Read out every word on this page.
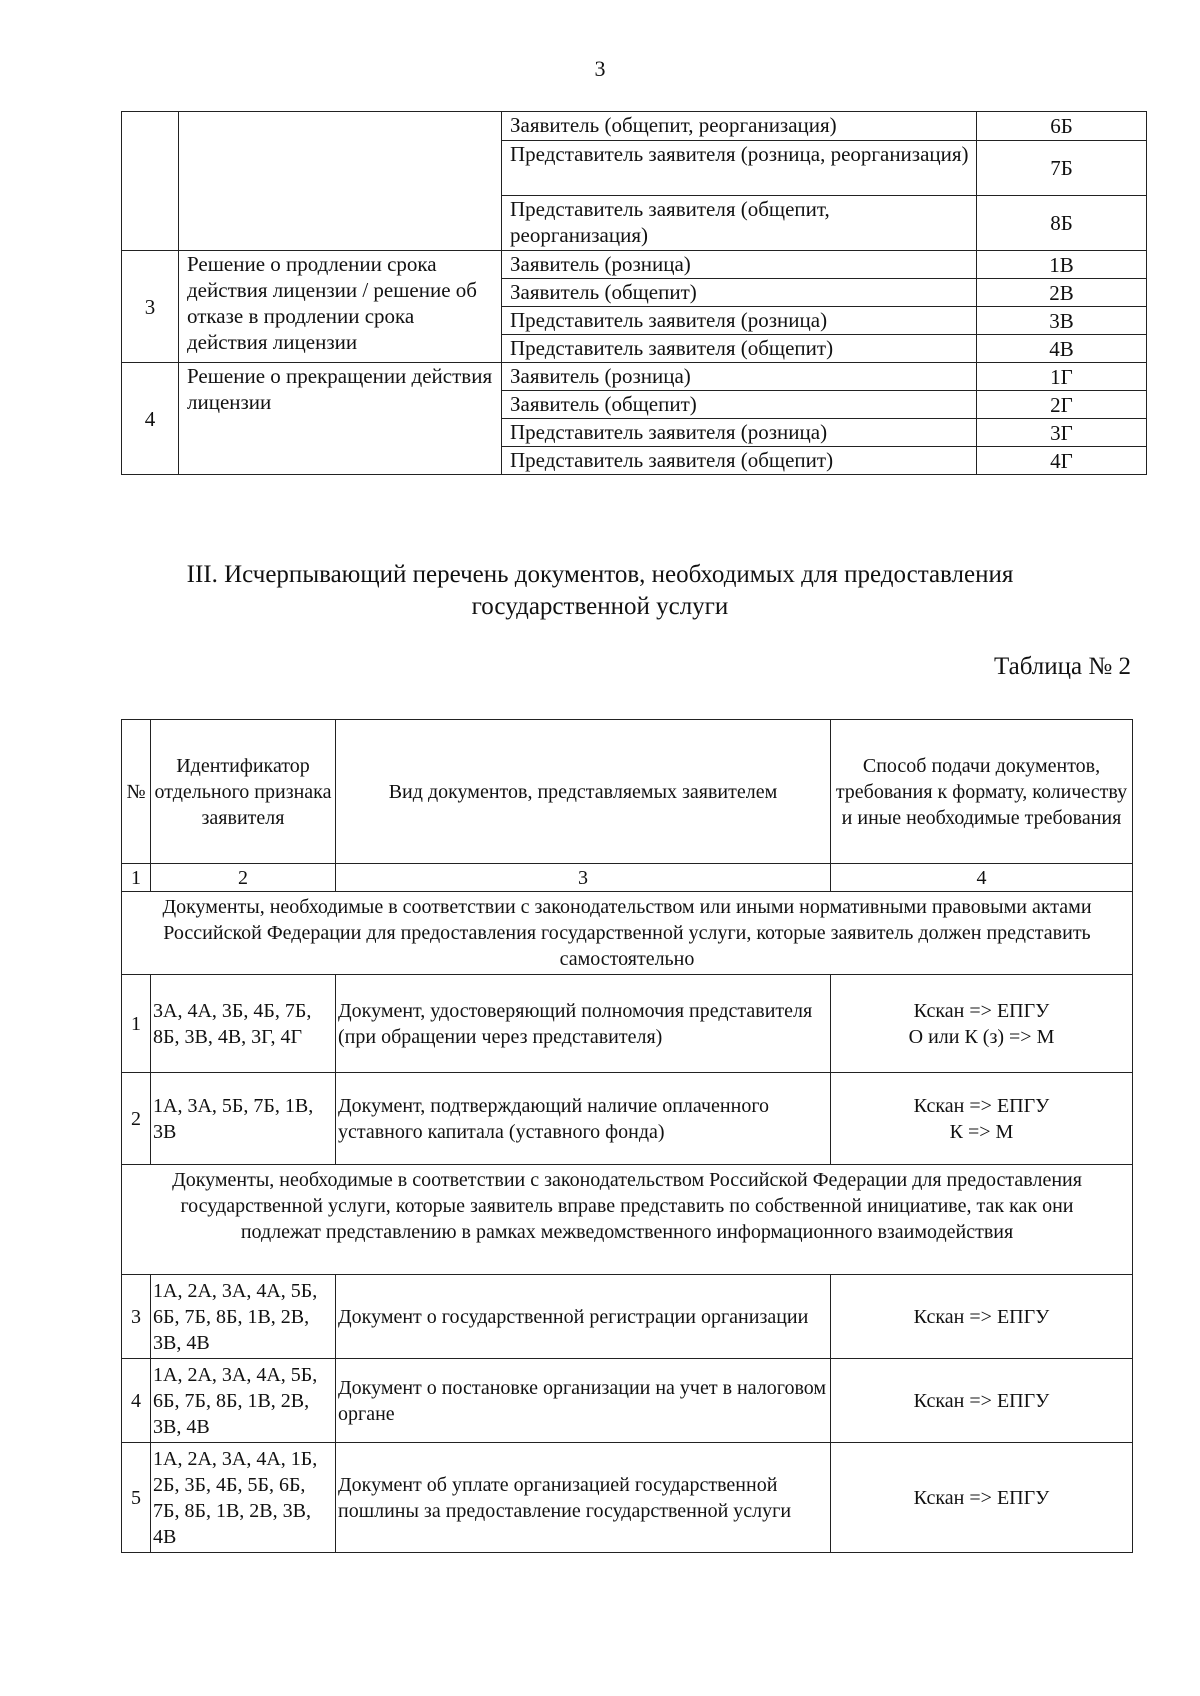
3
		Заявитель (общепит, реорганизация)	6Б
		Представитель заявителя (розница, реорганизация)	7Б
		Представитель заявителя (общепит, реорганизация)	8Б
3	Решение о продлении срока действия лицензии / решение об отказе в продлении срока действия лицензии	Заявитель (розница)	1В
		Заявитель (общепит)	2В
		Представитель заявителя (розница)	3В
		Представитель заявителя (общепит)	4В
4	Решение о прекращении действия лицензии	Заявитель (розница)	1Г
		Заявитель (общепит)	2Г
		Представитель заявителя (розница)	3Г
		Представитель заявителя (общепит)	4Г
III. Исчерпывающий перечень документов, необходимых для предоставления
государственной услуги
Таблица № 2
№	Идентификатор отдельного признака заявителя	Вид документов, представляемых заявителем	Способ подачи документов, требования к формату, количеству и иные необходимые требования
1	2	3	4
Документы, необходимые в соответствии с законодательством или иными нормативными правовыми актами Российской Федерации для предоставления государственной услуги, которые заявитель должен представить самостоятельно			
1	3А, 4А, 3Б, 4Б, 7Б, 8Б, 3В, 4В, 3Г, 4Г	Документ, удостоверяющий полномочия представителя (при обращении через представителя)	Кскан => ЕПГУ
О или К (з) => М

2	1А, 3А, 5Б, 7Б, 1В, 3В	Документ, подтверждающий наличие оплаченного уставного капитала (уставного фонда)	Кскан => ЕПГУ
К => М

Документы, необходимые в соответствии с законодательством Российской Федерации для предоставления государственной услуги, которые заявитель вправе представить по собственной инициативе, так как они подлежат представлению в рамках межведомственного информационного взаимодействия			
3	1А, 2А, 3А, 4А, 5Б, 6Б, 7Б, 8Б, 1В, 2В, 3В, 4В	Документ о государственной регистрации организации	Кскан => ЕПГУ
4	1А, 2А, 3А, 4А, 5Б, 6Б, 7Б, 8Б, 1В, 2В, 3В, 4В	Документ о постановке организации на учет в налоговом органе	Кскан => ЕПГУ
5	1А, 2А, 3А, 4А, 1Б, 2Б, 3Б, 4Б, 5Б, 6Б, 7Б, 8Б, 1В, 2В, 3В, 4В	Документ об уплате организацией государственной пошлины за предоставление государственной услуги	Кскан => ЕПГУ
